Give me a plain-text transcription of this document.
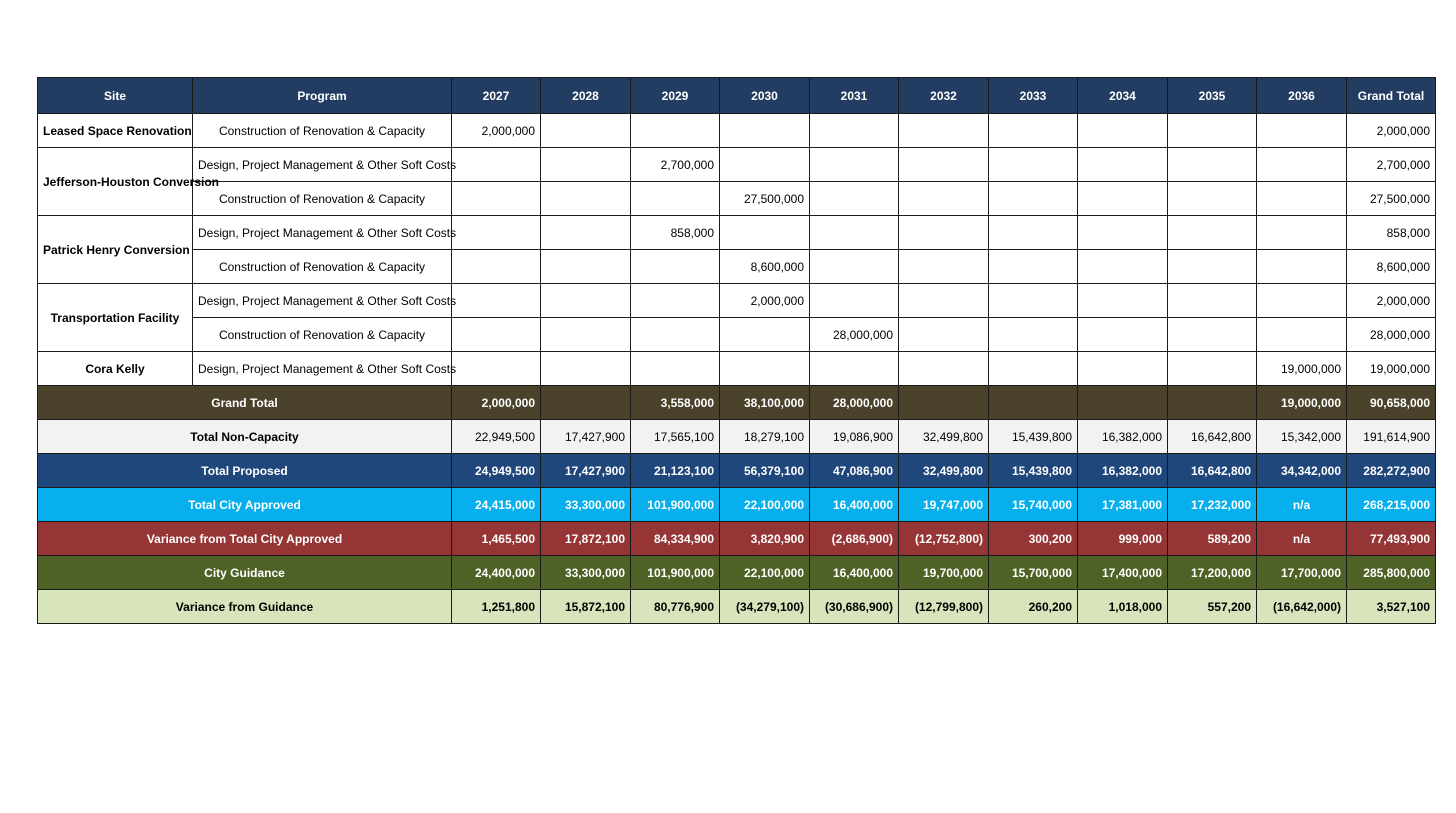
Site	Program	2027	2028	2029	2030	2031	2032	2033	2034	2035	2036	Grand Total
Leased Space Renovation	Construction of Renovation & Capacity	2,000,000										2,000,000
Jefferson-Houston Conversion	Design, Project Management & Other Soft Costs			2,700,000								2,700,000
	Construction of Renovation & Capacity				27,500,000							27,500,000
Patrick Henry Conversion	Design, Project Management & Other Soft Costs			858,000								858,000
	Construction of Renovation & Capacity				8,600,000							8,600,000
Transportation Facility	Design, Project Management & Other Soft Costs				2,000,000							2,000,000
	Construction of Renovation & Capacity					28,000,000						28,000,000
Cora Kelly	Design, Project Management & Other Soft Costs										19,000,000	19,000,000
Grand Total		2,000,000		3,558,000	38,100,000	28,000,000					19,000,000	90,658,000
Total Non-Capacity		22,949,500	17,427,900	17,565,100	18,279,100	19,086,900	32,499,800	15,439,800	16,382,000	16,642,800	15,342,000	191,614,900
Total Proposed		24,949,500	17,427,900	21,123,100	56,379,100	47,086,900	32,499,800	15,439,800	16,382,000	16,642,800	34,342,000	282,272,900
Total City Approved		24,415,000	33,300,000	101,900,000	22,100,000	16,400,000	19,747,000	15,740,000	17,381,000	17,232,000	n/a	268,215,000
Variance from Total City Approved		1,465,500	17,872,100	84,334,900	3,820,900	(2,686,900)	(12,752,800)	300,200	999,000	589,200	n/a	77,493,900
City Guidance		24,400,000	33,300,000	101,900,000	22,100,000	16,400,000	19,700,000	15,700,000	17,400,000	17,200,000	17,700,000	285,800,000
Variance from Guidance		1,251,800	15,872,100	80,776,900	(34,279,100)	(30,686,900)	(12,799,800)	260,200	1,018,000	557,200	(16,642,000)	3,527,100
